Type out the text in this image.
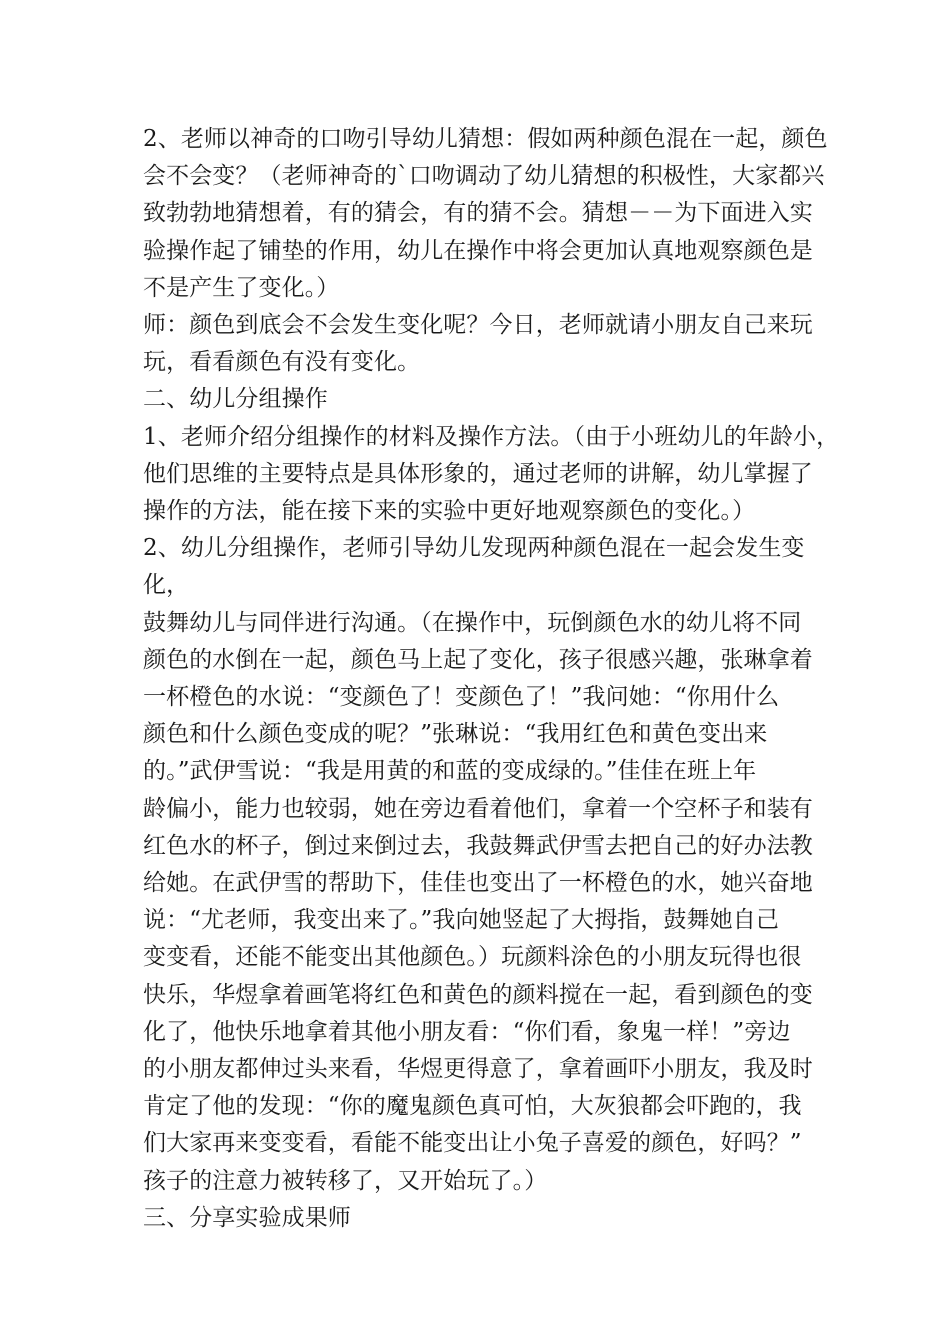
2、老师以神奇的口吻引导幼儿猜想：假如两种颜色混在一起，颜色
会不会变？（老师神奇的`口吻调动了幼儿猜想的积极性，大家都兴
致勃勃地猜想着，有的猜会，有的猜不会。猜想－－为下面进入实
验操作起了铺垫的作用，幼儿在操作中将会更加认真地观察颜色是
不是产生了变化。）

师：颜色到底会不会发生变化呢？今日，老师就请小朋友自己来玩
玩，看看颜色有没有变化。

二、幼儿分组操作

1、老师介绍分组操作的材料及操作方法。（由于小班幼儿的年龄小，
他们思维的主要特点是具体形象的，通过老师的讲解，幼儿掌握了
操作的方法，能在接下来的实验中更好地观察颜色的变化。）

2、幼儿分组操作，老师引导幼儿发现两种颜色混在一起会发生变化，
鼓舞幼儿与同伴进行沟通。（在操作中，玩倒颜色水的幼儿将不同
颜色的水倒在一起，颜色马上起了变化，孩子很感兴趣，张琳拿着
一杯橙色的水说：“变颜色了！变颜色了！”我问她：“你用什么
颜色和什么颜色变成的呢？”张琳说：“我用红色和黄色变出来
的。”武伊雪说：“我是用黄的和蓝的变成绿的。”佳佳在班上年
龄偏小，能力也较弱，她在旁边看着他们，拿着一个空杯子和装有
红色水的杯子，倒过来倒过去，我鼓舞武伊雪去把自己的好办法教
给她。在武伊雪的帮助下，佳佳也变出了一杯橙色的水，她兴奋地
说：“尤老师，我变出来了。”我向她竖起了大拇指，鼓舞她自己
变变看，还能不能变出其他颜色。）玩颜料涂色的小朋友玩得也很
快乐，华煜拿着画笔将红色和黄色的颜料搅在一起，看到颜色的变
化了，他快乐地拿着其他小朋友看：“你们看，象鬼一样！”旁边
的小朋友都伸过头来看，华煜更得意了，拿着画吓小朋友，我及时
肯定了他的发现：“你的魔鬼颜色真可怕，大灰狼都会吓跑的，我
们大家再来变变看，看能不能变出让小兔子喜爱的颜色，好吗？”
孩子的注意力被转移了，又开始玩了。）

三、分享实验成果师
